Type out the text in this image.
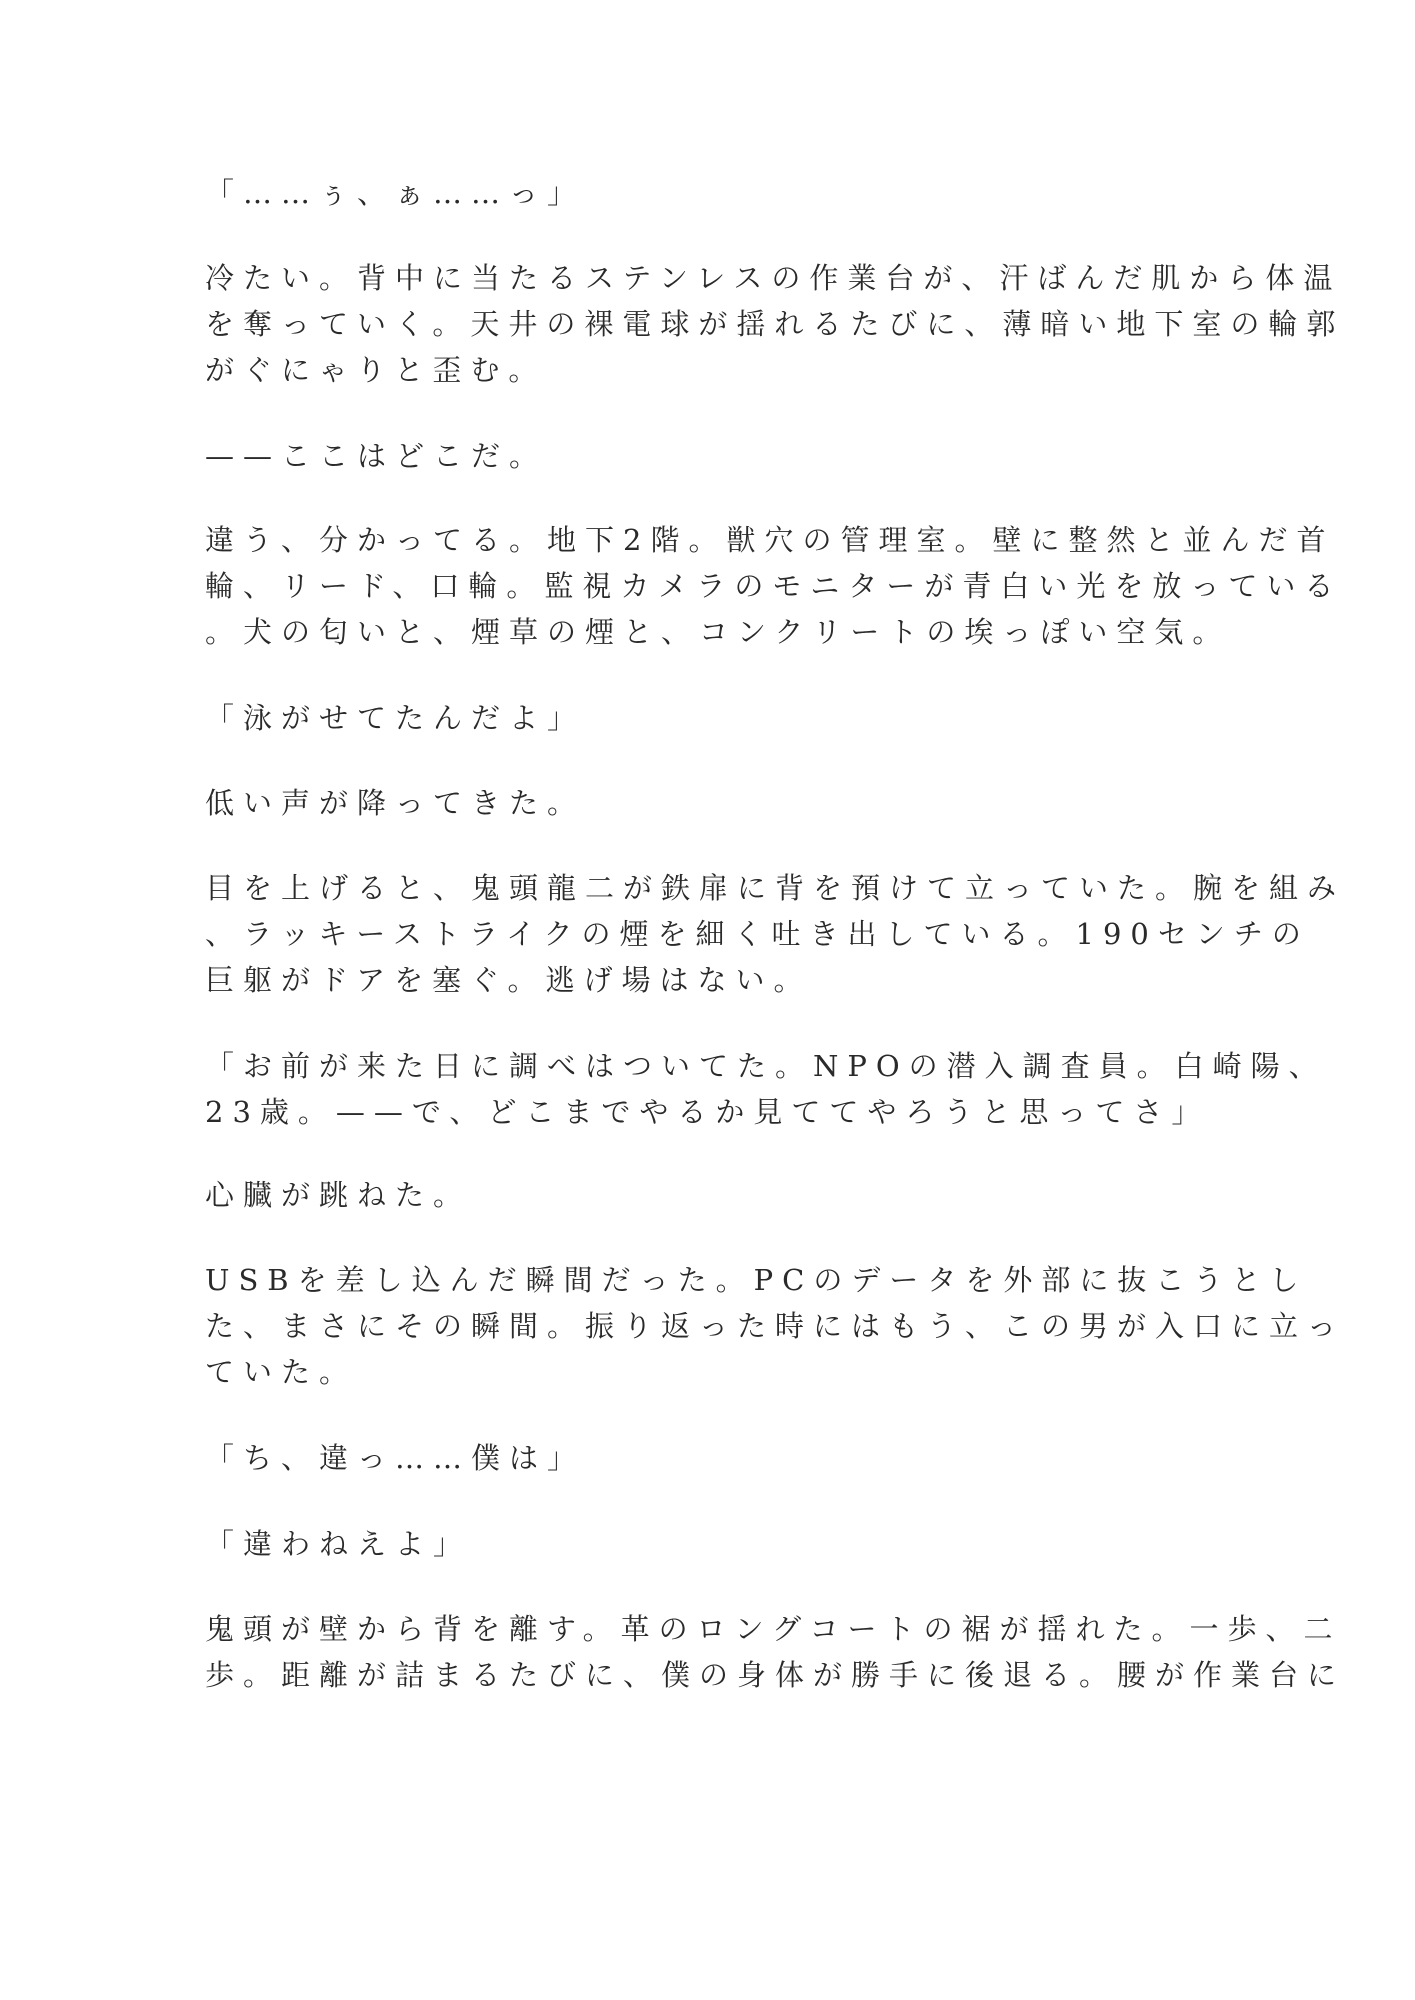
「……ぅ、ぁ……っ」

冷たい。背中に当たるステンレスの作業台が、汗ばんだ肌から体温
を奪っていく。天井の裸電球が揺れるたびに、薄暗い地下室の輪郭
がぐにゃりと歪む。

——ここはどこだ。

違う、分かってる。地下2階。獣穴の管理室。壁に整然と並んだ首
輪、リード、口輪。監視カメラのモニターが青白い光を放っている
。犬の匂いと、煙草の煙と、コンクリートの埃っぽい空気。

「泳がせてたんだよ」

低い声が降ってきた。

目を上げると、鬼頭龍二が鉄扉に背を預けて立っていた。腕を組み
、ラッキーストライクの煙を細く吐き出している。190センチの
巨躯がドアを塞ぐ。逃げ場はない。

「お前が来た日に調べはついてた。NPOの潜入調査員。白崎陽、
23歳。——で、どこまでやるか見ててやろうと思ってさ」

心臓が跳ねた。

USBを差し込んだ瞬間だった。PCのデータを外部に抜こうとし
た、まさにその瞬間。振り返った時にはもう、この男が入口に立っ
ていた。

「ち、違っ……僕は」

「違わねえよ」

鬼頭が壁から背を離す。革のロングコートの裾が揺れた。一歩、二
歩。距離が詰まるたびに、僕の身体が勝手に後退る。腰が作業台に
